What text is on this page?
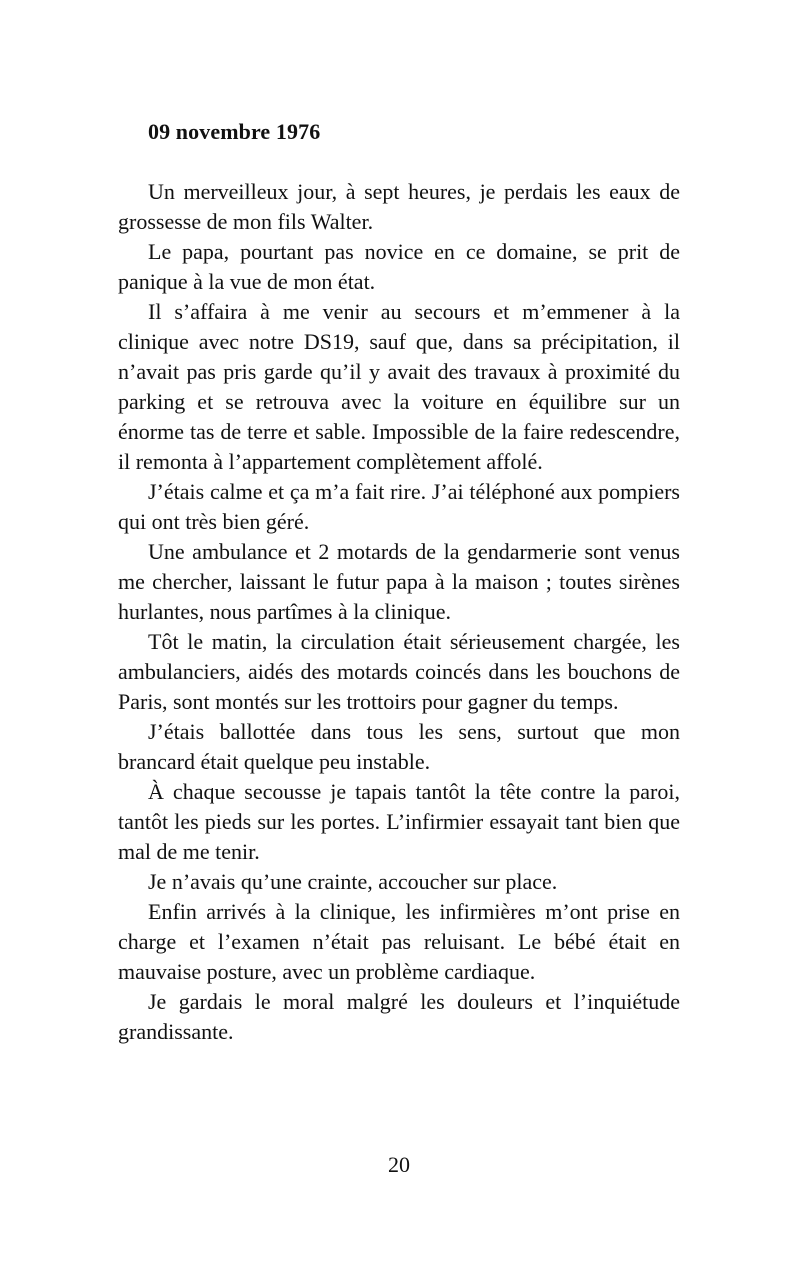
09 novembre 1976

Un merveilleux jour, à sept heures, je perdais les eaux de grossesse de mon fils Walter.

Le papa, pourtant pas novice en ce domaine, se prit de panique à la vue de mon état.

Il s’affaira à me venir au secours et m’emmener à la clinique avec notre DS19, sauf que, dans sa précipitation, il n’avait pas pris garde qu’il y avait des travaux à proximité du parking et se retrouva avec la voiture en équilibre sur un énorme tas de terre et sable. Impossible de la faire redescendre, il remonta à l’appartement complètement affolé.

J’étais calme et ça m’a fait rire. J’ai téléphoné aux pompiers qui ont très bien géré.

Une ambulance et 2 motards de la gendarmerie sont venus me chercher, laissant le futur papa à la maison ; toutes sirènes hurlantes, nous partîmes à la clinique.

Tôt le matin, la circulation était sérieusement chargée, les ambulanciers, aidés des motards coincés dans les bouchons de Paris, sont montés sur les trottoirs pour gagner du temps.

J’étais ballottée dans tous les sens, surtout que mon brancard était quelque peu instable.

À chaque secousse je tapais tantôt la tête contre la paroi, tantôt les pieds sur les portes. L’infirmier essayait tant bien que mal de me tenir.

Je n’avais qu’une crainte, accoucher sur place.

Enfin arrivés à la clinique, les infirmières m’ont prise en charge et l’examen n’était pas reluisant. Le bébé était en mauvaise posture, avec un problème cardiaque.

Je gardais le moral malgré les douleurs et l’inquiétude grandissante.

20
